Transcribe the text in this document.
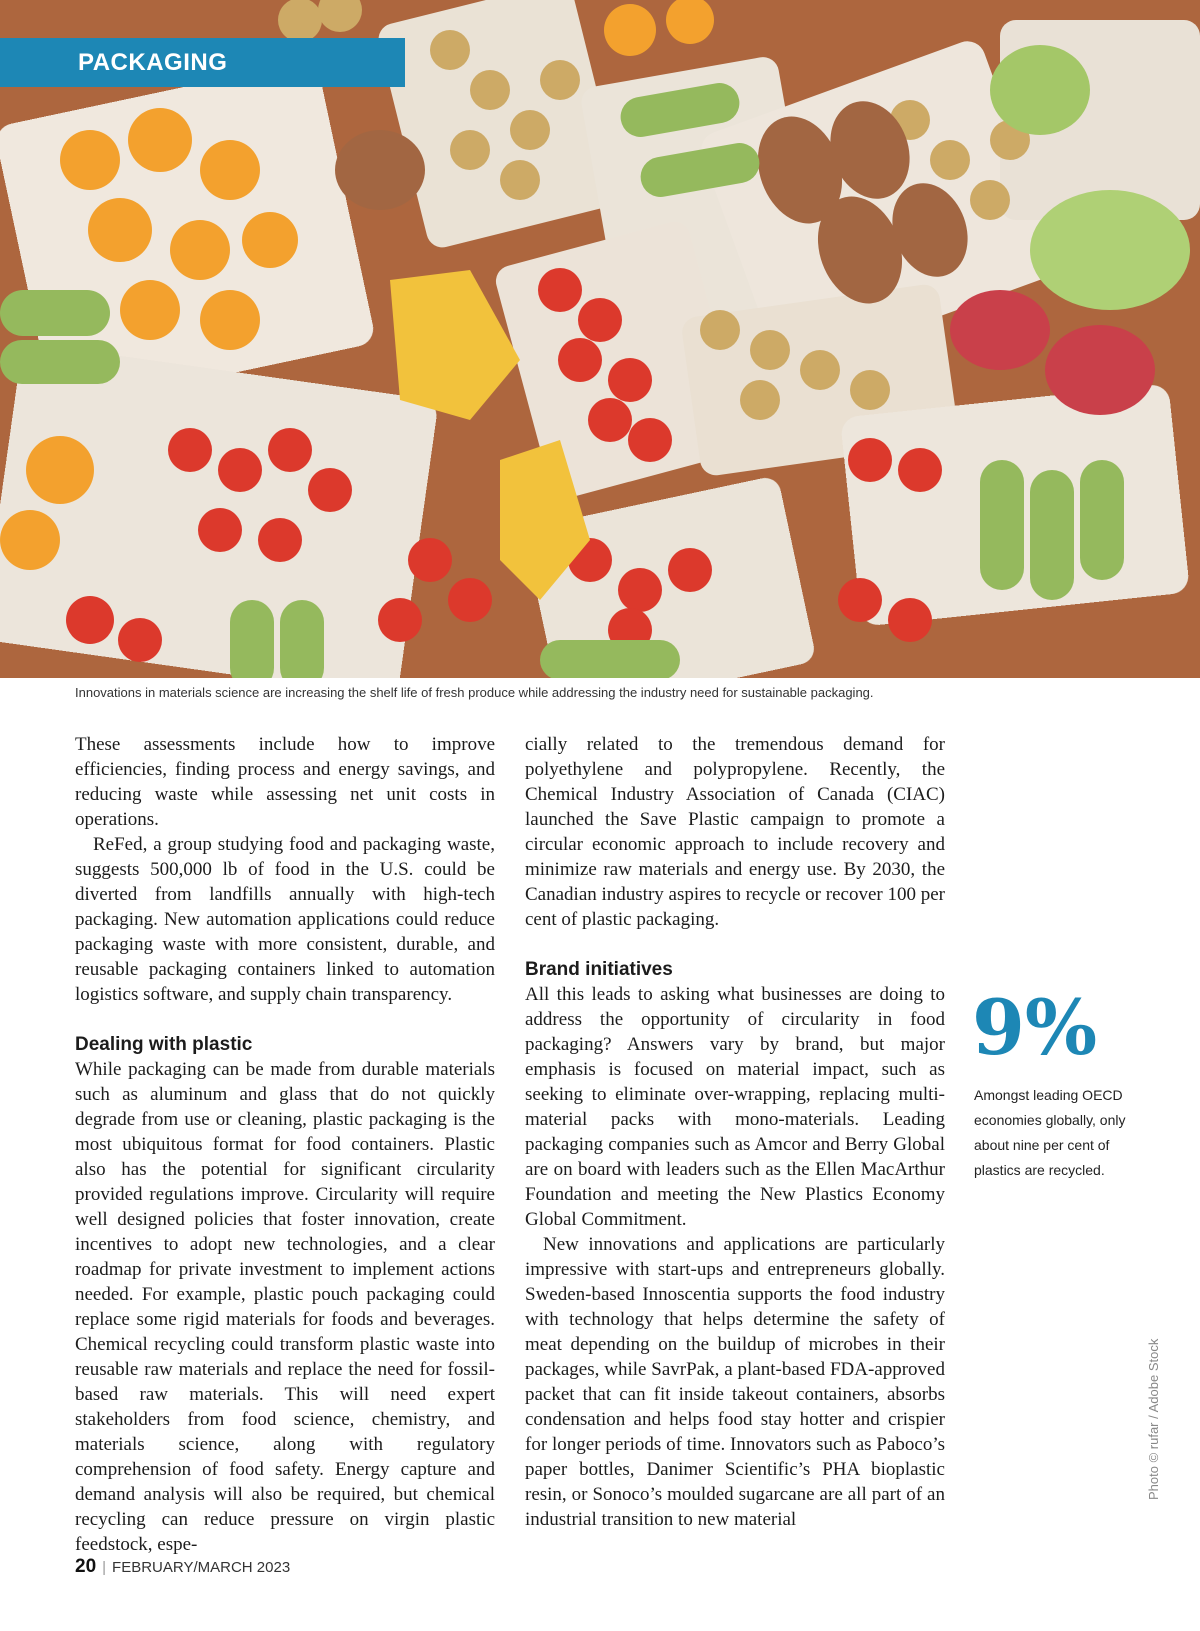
PACKAGING
Innovations in materials science are increasing the shelf life of fresh produce while addressing the industry need for sustainable packaging.

These assessments include how to improve efficiencies, finding process and energy savings, and reducing waste while assessing net unit costs in operations.

ReFed, a group studying food and packaging waste, suggests 500,000 lb of food in the U.S. could be diverted from landfills annually with high-tech packaging. New automation applications could reduce packaging waste with more consistent, durable, and reusable packaging containers linked to automation logistics software, and supply chain transparency.

Dealing with plastic

While packaging can be made from durable materials such as aluminum and glass that do not quickly degrade from use or cleaning, plastic packaging is the most ubiquitous format for food containers. Plastic also has the potential for significant circularity provided regulations improve. Circularity will require well designed policies that foster innovation, create incentives to adopt new technologies, and a clear roadmap for private investment to implement actions needed. For example, plastic pouch packaging could replace some rigid materials for foods and beverages. Chemical recycling could transform plastic waste into reusable raw materials and replace the need for fossil-based raw materials. This will need expert stakeholders from food science, chemistry, and materials science, along with regulatory comprehension of food safety. Energy capture and demand analysis will also be required, but chemical recycling can reduce pressure on virgin plastic feedstock, espe-

cially related to the tremendous demand for polyethylene and polypropylene. Recently, the Chemical Industry Association of Canada (CIAC) launched the Save Plastic campaign to promote a circular economic approach to include recovery and minimize raw materials and energy use. By 2030, the Canadian industry aspires to recycle or recover 100 per cent of plastic packaging.

Brand initiatives

All this leads to asking what businesses are doing to address the opportunity of circularity in food packaging? Answers vary by brand, but major emphasis is focused on material impact, such as seeking to eliminate over-wrapping, replacing multi-material packs with mono-materials. Leading packaging companies such as Amcor and Berry Global are on board with leaders such as the Ellen MacArthur Foundation and meeting the New Plastics Economy Global Commitment.

New innovations and applications are particularly impressive with start-ups and entrepreneurs globally. Sweden-based Innoscentia supports the food industry with technology that helps determine the safety of meat depending on the buildup of microbes in their packages, while SavrPak, a plant-based FDA-approved packet that can fit inside takeout containers, absorbs condensation and helps food stay hotter and crispier for longer periods of time. Innovators such as Paboco’s paper bottles, Danimer Scientific’s PHA bioplastic resin, or Sonoco’s moulded sugarcane are all part of an industrial transition to new material

9%
Amongst leading OECD economies globally, only about nine per cent of plastics are recycled.
Photo © rufar / Adobe Stock
20 | FEBRUARY/MARCH 2023
